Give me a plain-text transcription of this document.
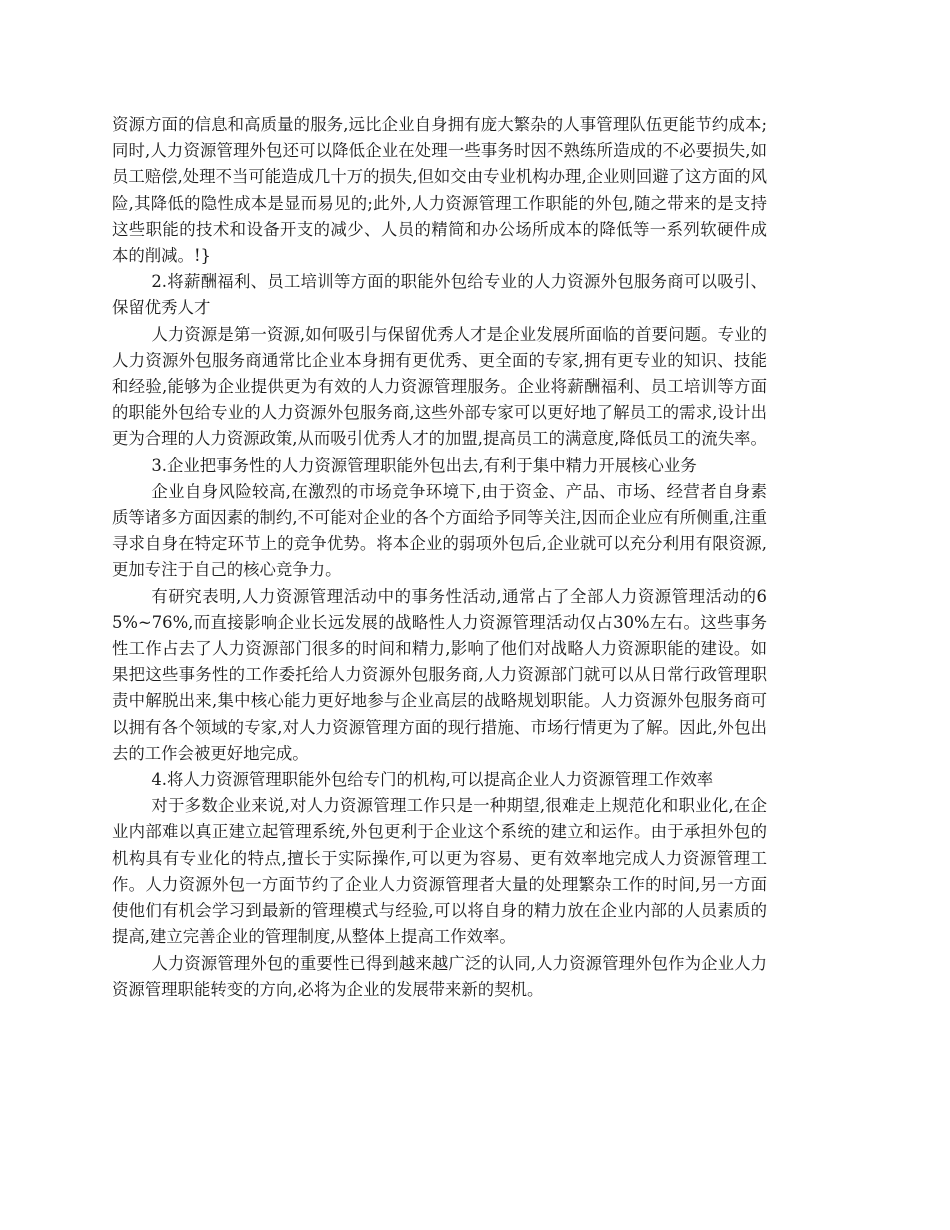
资源方面的信息和高质量的服务,远比企业自身拥有庞大繁杂的人事管理队伍更能节约成本;同时,人力资源管理外包还可以降低企业在处理一些事务时因不熟练所造成的不必要损失,如员工赔偿,处理不当可能造成几十万的损失,但如交由专业机构办理,企业则回避了这方面的风险,其降低的隐性成本是显而易见的;此外,人力资源管理工作职能的外包,随之带来的是支持这些职能的技术和设备开支的减少、人员的精简和办公场所成本的降低等一系列软硬件成本的削减。!}

2.将薪酬福利、员工培训等方面的职能外包给专业的人力资源外包服务商可以吸引、保留优秀人才

人力资源是第一资源,如何吸引与保留优秀人才是企业发展所面临的首要问题。专业的人力资源外包服务商通常比企业本身拥有更优秀、更全面的专家,拥有更专业的知识、技能和经验,能够为企业提供更为有效的人力资源管理服务。企业将薪酬福利、员工培训等方面的职能外包给专业的人力资源外包服务商,这些外部专家可以更好地了解员工的需求,设计出更为合理的人力资源政策,从而吸引优秀人才的加盟,提高员工的满意度,降低员工的流失率。

3.企业把事务性的人力资源管理职能外包出去,有利于集中精力开展核心业务

企业自身风险较高,在激烈的市场竞争环境下,由于资金、产品、市场、经营者自身素质等诸多方面因素的制约,不可能对企业的各个方面给予同等关注,因而企业应有所侧重,注重寻求自身在特定环节上的竞争优势。将本企业的弱项外包后,企业就可以充分利用有限资源,更加专注于自己的核心竞争力。

有研究表明,人力资源管理活动中的事务性活动,通常占了全部人力资源管理活动的65%~76%,而直接影响企业长远发展的战略性人力资源管理活动仅占30%左右。这些事务性工作占去了人力资源部门很多的时间和精力,影响了他们对战略人力资源职能的建设。如果把这些事务性的工作委托给人力资源外包服务商,人力资源部门就可以从日常行政管理职责中解脱出来,集中核心能力更好地参与企业高层的战略规划职能。人力资源外包服务商可以拥有各个领域的专家,对人力资源管理方面的现行措施、市场行情更为了解。因此,外包出去的工作会被更好地完成。

4.将人力资源管理职能外包给专门的机构,可以提高企业人力资源管理工作效率

对于多数企业来说,对人力资源管理工作只是一种期望,很难走上规范化和职业化,在企业内部难以真正建立起管理系统,外包更利于企业这个系统的建立和运作。由于承担外包的机构具有专业化的特点,擅长于实际操作,可以更为容易、更有效率地完成人力资源管理工作。人力资源外包一方面节约了企业人力资源管理者大量的处理繁杂工作的时间,另一方面使他们有机会学习到最新的管理模式与经验,可以将自身的精力放在企业内部的人员素质的提高,建立完善企业的管理制度,从整体上提高工作效率。

人力资源管理外包的重要性已得到越来越广泛的认同,人力资源管理外包作为企业人力资源管理职能转变的方向,必将为企业的发展带来新的契机。
